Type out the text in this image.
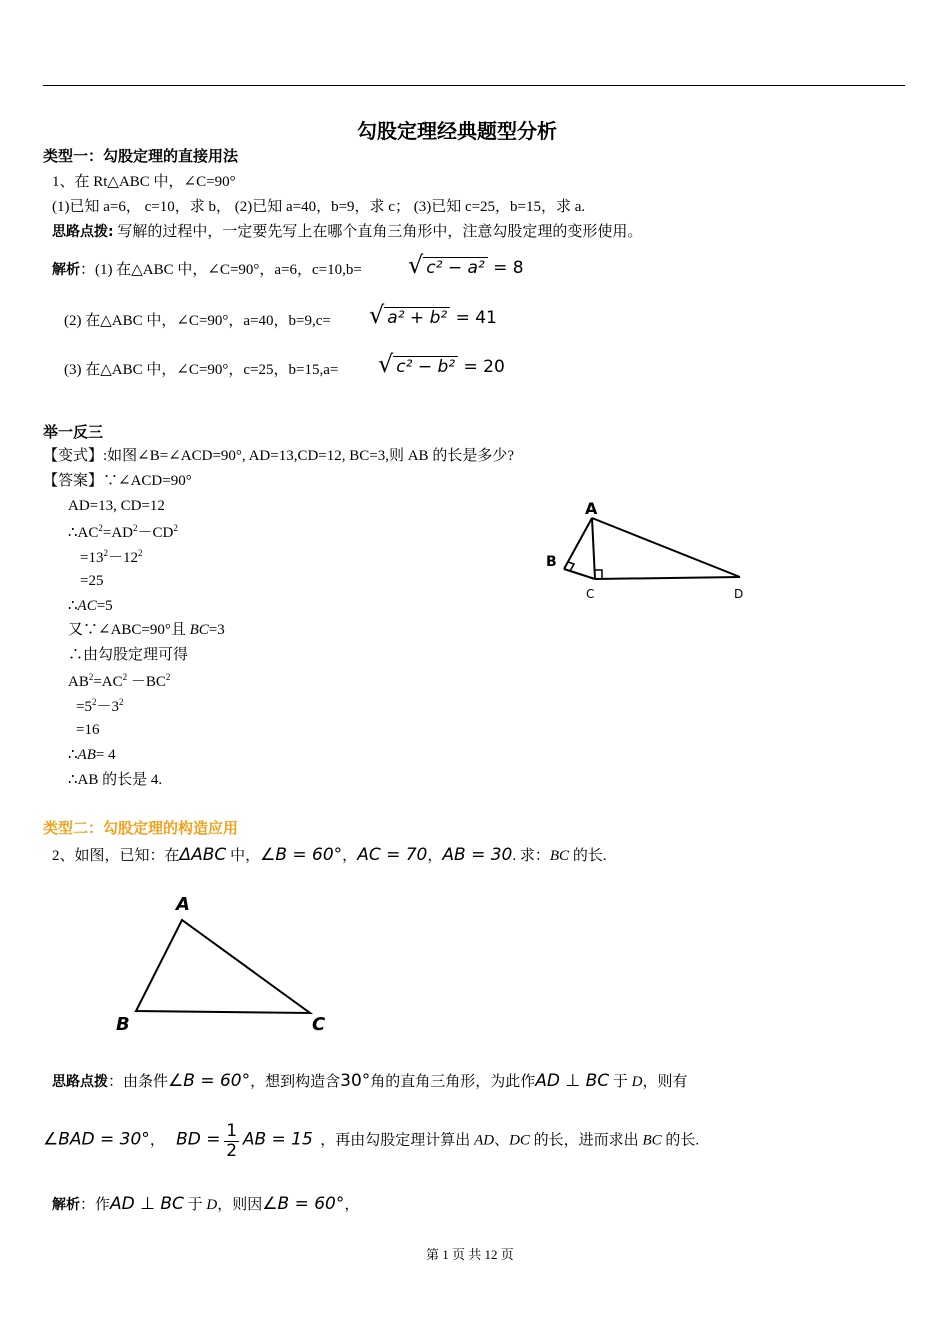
勾股定理经典题型分析
类型一：勾股定理的直接用法
1、在 Rt△ABC 中，∠C=90°
(1)已知 a=6， c=10，求 b， (2)已知 a=40，b=9，求 c； (3)已知 c=25，b=15，求 a.
思路点拨: 写解的过程中，一定要先写上在哪个直角三角形中，注意勾股定理的变形使用。
解析：(1) 在△ABC 中，∠C=90°，a=6，c=10,b= √ c² − a² = 8
(2) 在△ABC 中，∠C=90°，a=40，b=9,c= √ a² + b² = 41
(3) 在△ABC 中，∠C=90°，c=25，b=15,a= √ c² − b² = 20
举一反三
【变式】:如图∠B=∠ACD=90°, AD=13,CD=12, BC=3,则 AB 的长是多少?
【答案】∵∠ACD=90°
AD=13, CD=12
$\therefore AC^2=AD^2-CD^2$
$=13^2-12^2$
=25
∴AC=5
又∵∠ABC=90°且 BC=3
∴由勾股定理可得
$AB^2=AC^2 -BC^2$
$=5^2-3^2$
=16
∴AB= 4
∴AB 的长是 4.
A
B
C	D
类型二：勾股定理的构造应用
2、如图，已知：在ΔABC 中，∠B = 60°，AC = 70，AB = 30. 求：BC 的长.
A
B	C
思路点拨：由条件∠B = 60°，想到构造含30°角的直角三角形，为此作AD ⊥ BC 于 D，则有
∠BAD = 30°， BD = $\frac{1}{2}$ AB = 15 ，再由勾股定理计算出 AD、DC 的长，进而求出 BC 的长.
解析：作AD ⊥ BC 于 D，则因∠B = 60°，
第 1 页 共 12 页
